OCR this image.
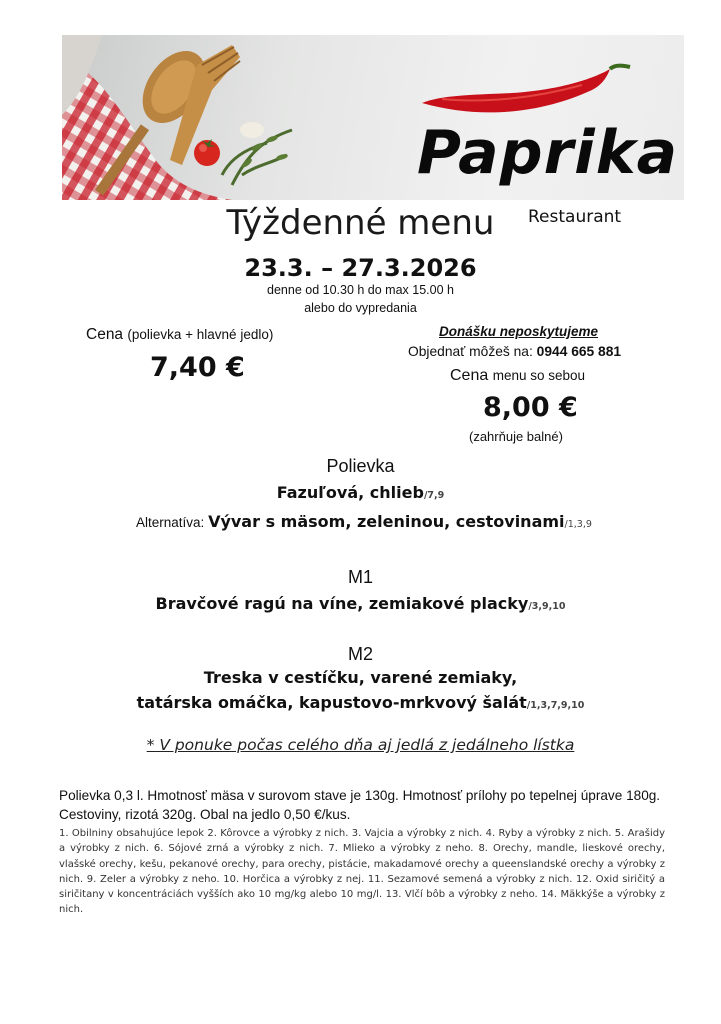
Paprika
Restaurant
Týždenné menu
23.3. – 27.3.2026
denne od 10.30 h do max 15.00 h
alebo do vypredania
Cena (polievka + hlavné jedlo)
7,40 €
Donášku neposkytujeme
Objednať môžeš na: 0944 665 881
Cena menu so sebou
8,00 €
(zahrňuje balné)
Polievka
Fazuľová, chlieb/7,9
Alternatíva: Vývar s mäsom, zeleninou, cestovinami/1,3,9
M1
Bravčové ragú na víne, zemiakové placky/3,9,10
M2
Treska v cestíčku, varené zemiaky,
tatárska omáčka, kapustovo-mrkvový šalát/1,3,7,9,10
* V ponuke počas celého dňa aj jedlá z jedálneho lístka
Polievka 0,3 l. Hmotnosť mäsa v surovom stave je 130g. Hmotnosť prílohy po tepelnej úprave 180g. Cestoviny, rizotá 320g. Obal na jedlo 0,50 €/kus.
1. Obilniny obsahujúce lepok 2. Kôrovce a výrobky z nich. 3. Vajcia a výrobky z nich. 4. Ryby a výrobky z nich. 5. Arašidy a výrobky z nich. 6. Sójové zrná a výrobky z nich. 7. Mlieko a výrobky z neho. 8. Orechy, mandle, lieskové orechy, vlašské orechy, kešu, pekanové orechy, para orechy, pistácie, makadamové orechy a queenslandské orechy a výrobky z nich. 9. Zeler a výrobky z neho. 10. Horčica a výrobky z nej. 11. Sezamové semená a výrobky z nich. 12. Oxid siričitý a siričitany v koncentráciách vyšších ako 10 mg/kg alebo 10 mg/l. 13. Vlčí bôb a výrobky z neho. 14. Mäkkýše a výrobky z nich.
